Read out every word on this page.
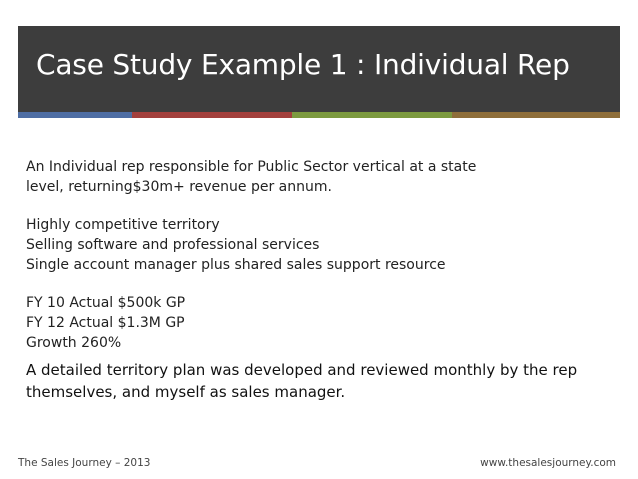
Case Study Example 1 : Individual Rep
An Individual rep responsible for Public Sector vertical at a state
level, returning$30m+ revenue per annum.
Highly competitive territory
Selling software and professional services
Single account manager plus shared sales support resource
FY 10 Actual $500k GP
FY 12 Actual $1.3M GP
Growth 260%
A detailed territory plan was developed and reviewed monthly by the rep
themselves, and myself as sales manager.
The Sales Journey – 2013	www.thesalesjourney.com
